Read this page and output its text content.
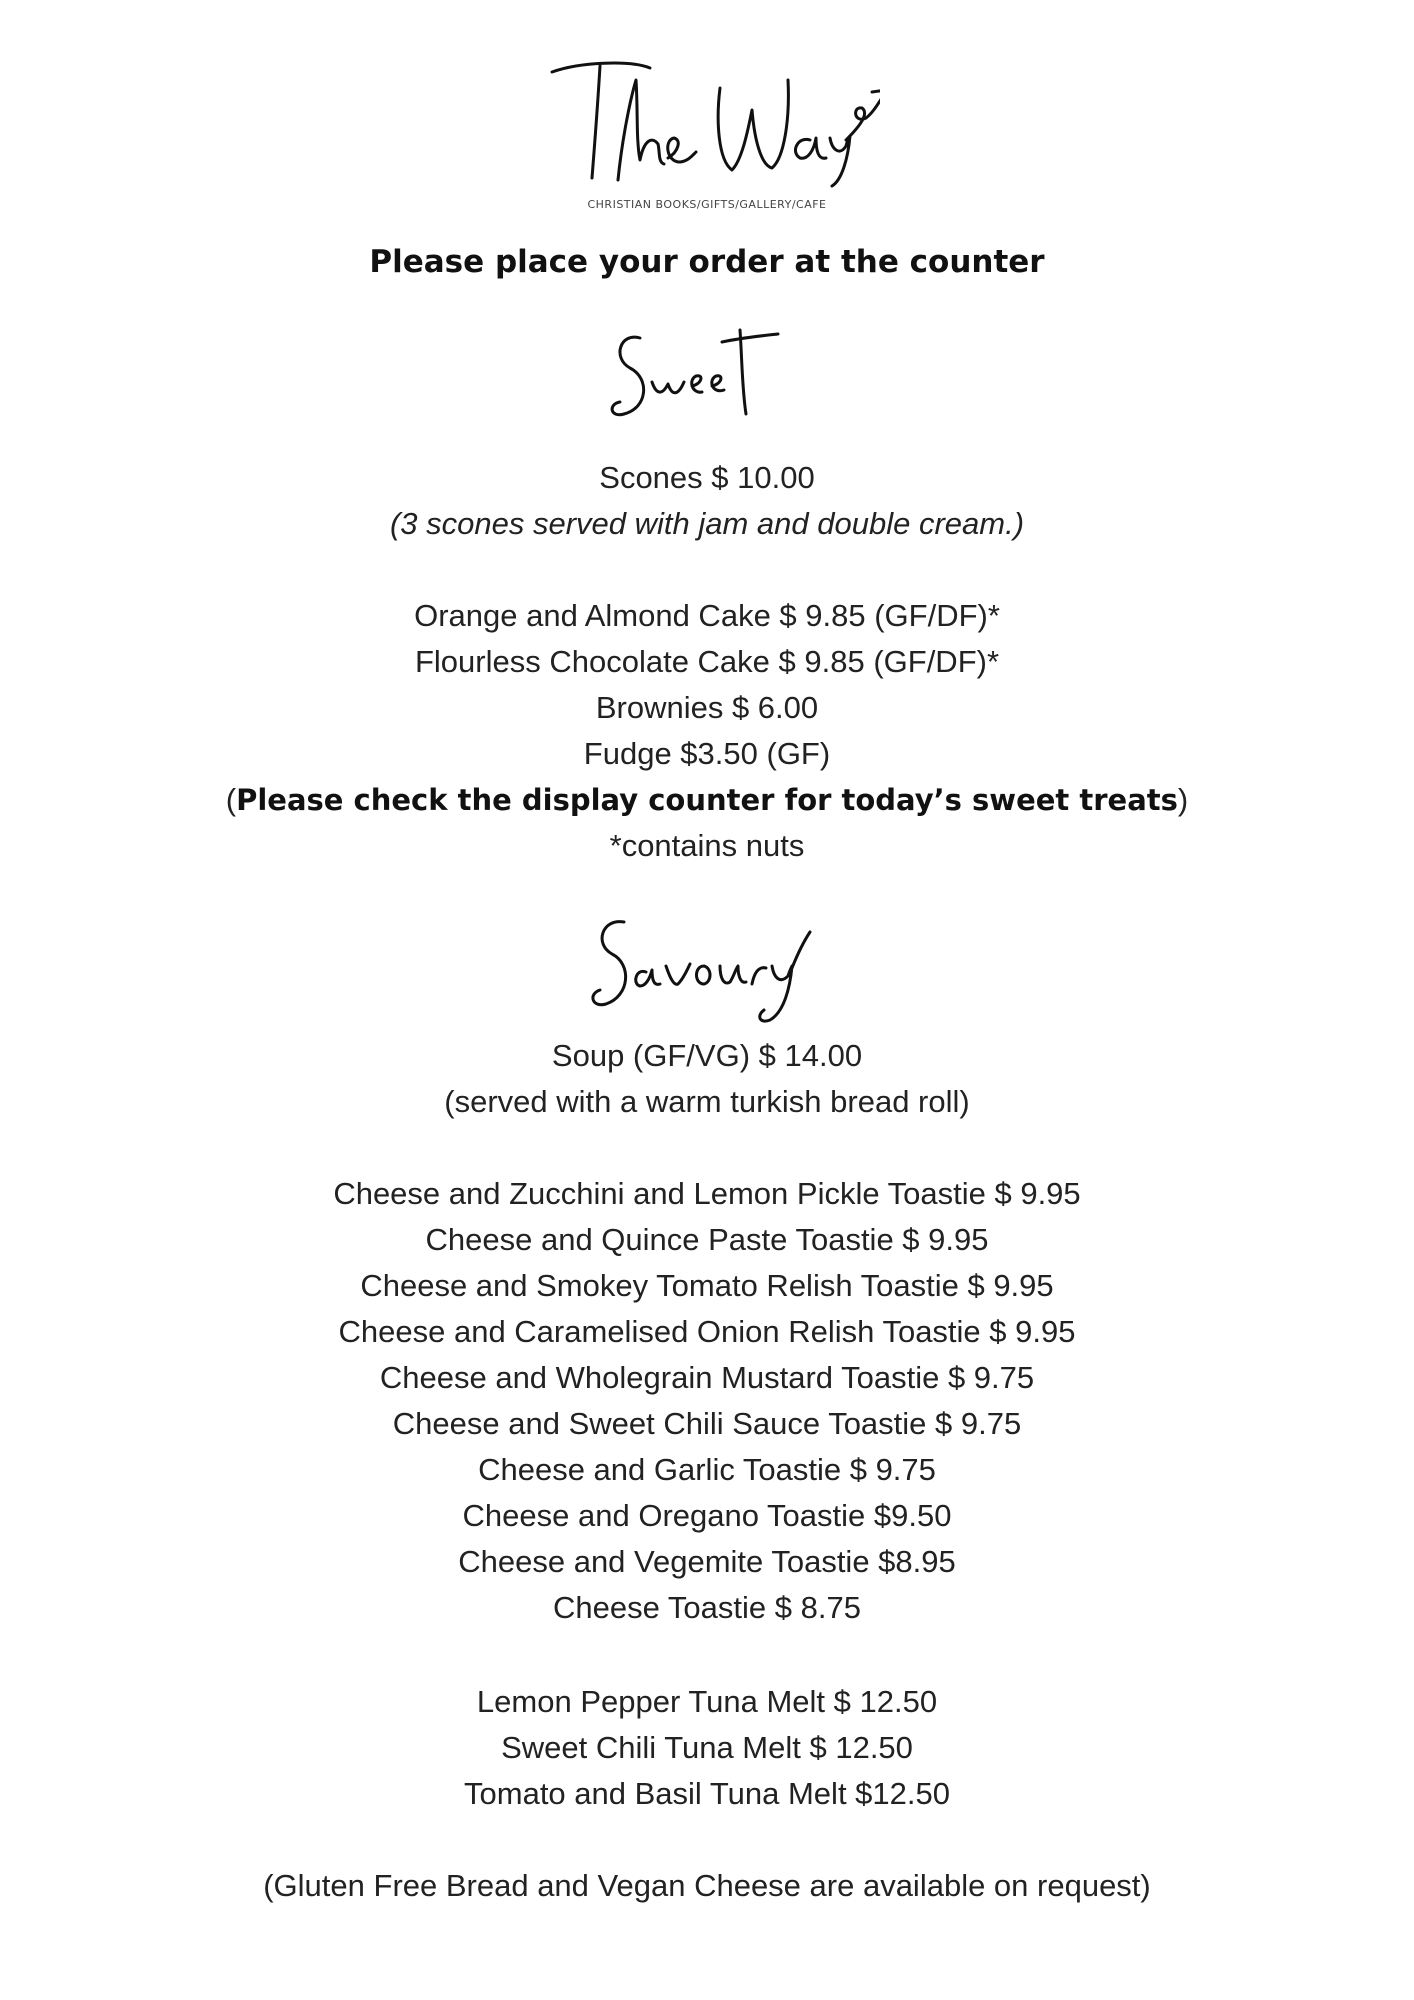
CHRISTIAN BOOKS/GIFTS/GALLERY/CAFE
Please place your order at the counter
Scones $ 10.00
(3 scones served with jam and double cream.)
Orange and Almond Cake $ 9.85 (GF/DF)*
Flourless Chocolate Cake $ 9.85 (GF/DF)*
Brownies $ 6.00
Fudge $3.50 (GF)
(Please check the display counter for today’s sweet treats)
*contains nuts
Soup (GF/VG) $ 14.00
(served with a warm turkish bread roll)
Cheese and Zucchini and Lemon Pickle Toastie $ 9.95
Cheese and Quince Paste Toastie $ 9.95
Cheese and Smokey Tomato Relish Toastie $ 9.95
Cheese and Caramelised Onion Relish Toastie $ 9.95
Cheese and Wholegrain Mustard Toastie $ 9.75
Cheese and Sweet Chili Sauce Toastie $ 9.75
Cheese and Garlic Toastie $ 9.75
Cheese and Oregano Toastie $9.50
Cheese and Vegemite Toastie $8.95
Cheese Toastie $ 8.75
Lemon Pepper Tuna Melt $ 12.50
Sweet Chili Tuna Melt $ 12.50
Tomato and Basil Tuna Melt $12.50
(Gluten Free Bread and Vegan Cheese are available on request)
